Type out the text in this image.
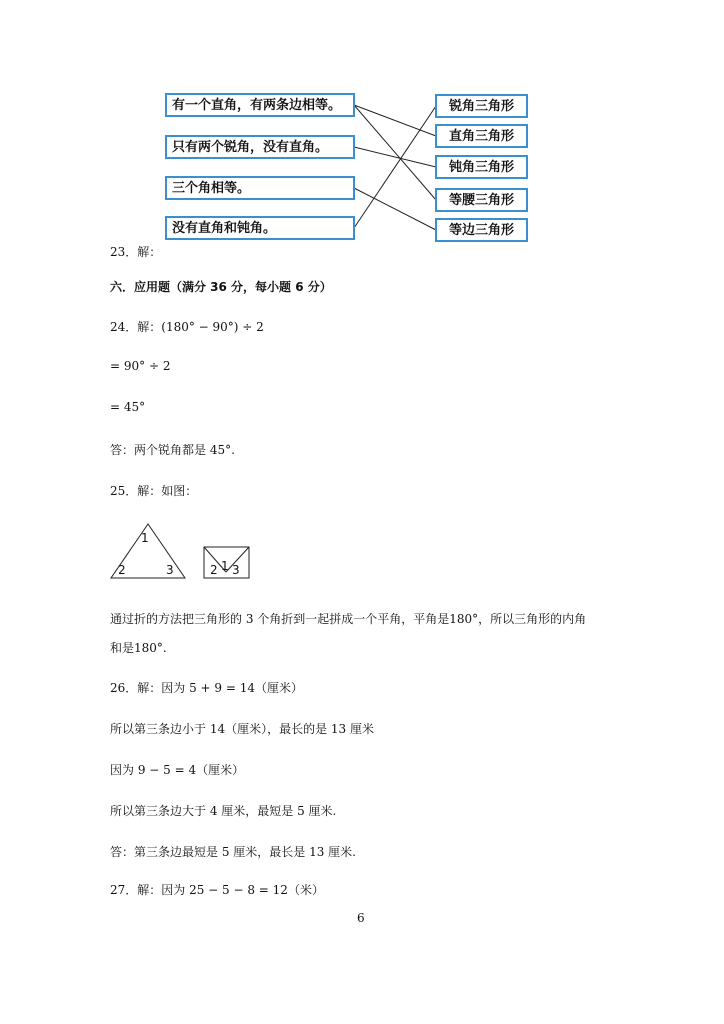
有一个直角，有两条边相等。
只有两个锐角，没有直角。
三个角相等。
没有直角和钝角。
锐角三角形
直角三角形
钝角三角形
等腰三角形
等边三角形
23．解：
六．应用题（满分 36 分，每小题 6 分）
24．解：(180° − 90°) ÷ 2
= 90° ÷ 2
= 45°
答：两个锐角都是 45°.
25．解：如图：
1
2	3	2 1 3
通过折的方法把三角形的 3 个角折到一起拼成一个平角，平角是180°，所以三角形的内角
和是180°.
26．解：因为 5 + 9 = 14（厘米）
所以第三条边小于 14（厘米），最长的是 13 厘米
因为 9 − 5 = 4（厘米）
所以第三条边大于 4 厘米，最短是 5 厘米.
答：第三条边最短是 5 厘米，最长是 13 厘米.
27．解：因为 25 − 5 − 8 = 12（米）
6
